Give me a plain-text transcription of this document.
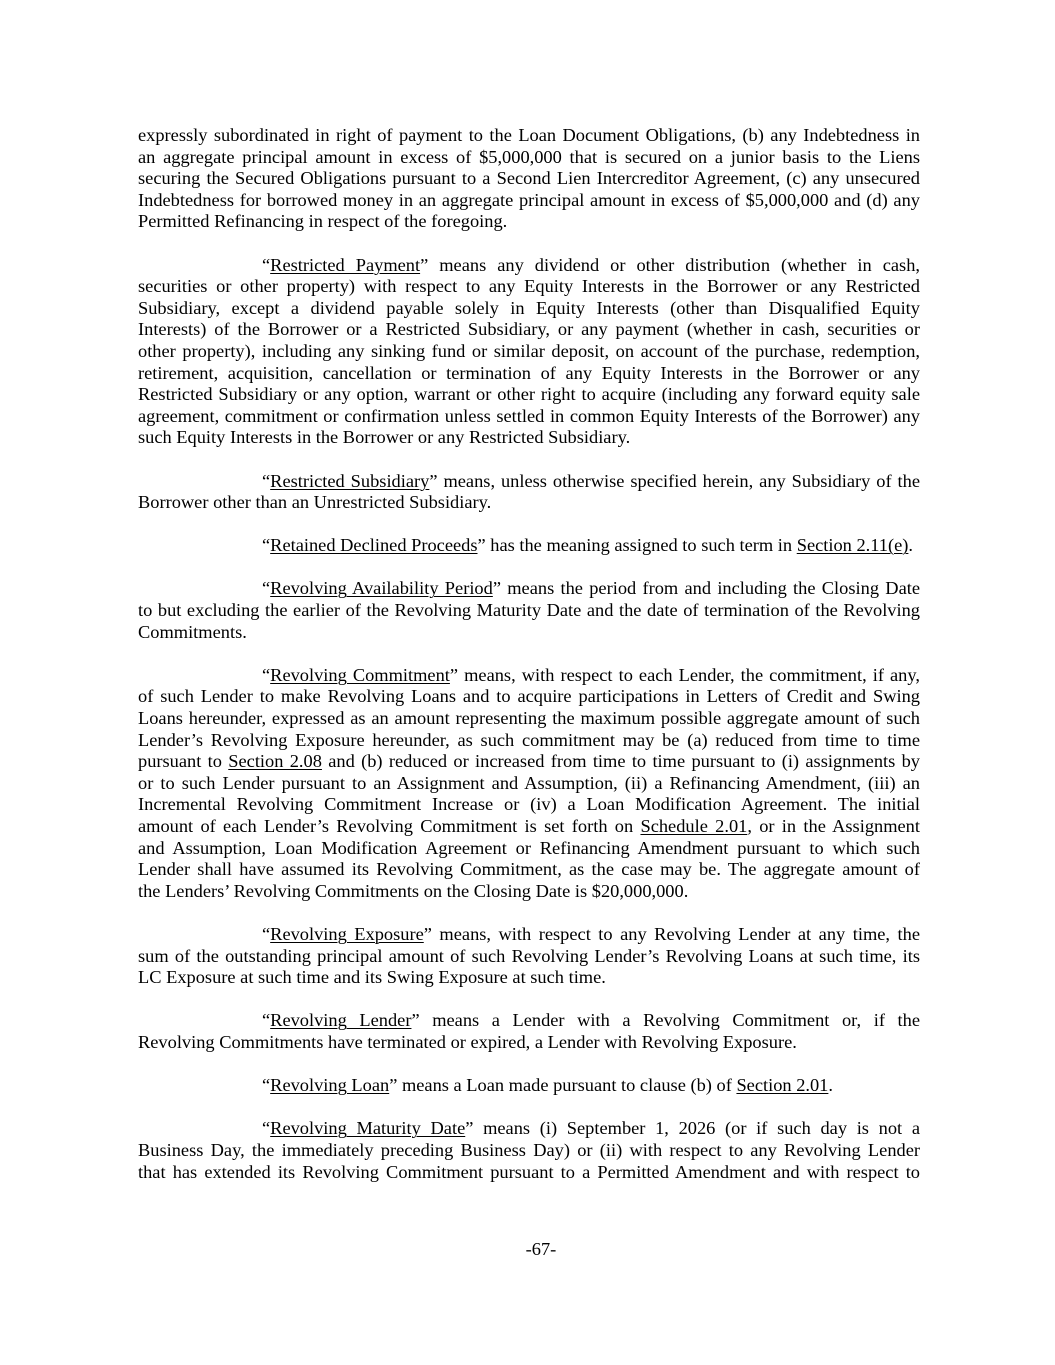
expressly subordinated in right of payment to the Loan Document Obligations, (b) any Indebtedness in
an aggregate principal amount in excess of $5,000,000 that is secured on a junior basis to the Liens
securing the Secured Obligations pursuant to a Second Lien Intercreditor Agreement, (c) any unsecured
Indebtedness for borrowed money in an aggregate principal amount in excess of $5,000,000 and (d) any
Permitted Refinancing in respect of the foregoing.
“Restricted Payment” means any dividend or other distribution (whether in cash,
securities or other property) with respect to any Equity Interests in the Borrower or any Restricted
Subsidiary, except a dividend payable solely in Equity Interests (other than Disqualified Equity
Interests) of the Borrower or a Restricted Subsidiary, or any payment (whether in cash, securities or
other property), including any sinking fund or similar deposit, on account of the purchase, redemption,
retirement, acquisition, cancellation or termination of any Equity Interests in the Borrower or any
Restricted Subsidiary or any option, warrant or other right to acquire (including any forward equity sale
agreement, commitment or confirmation unless settled in common Equity Interests of the Borrower) any
such Equity Interests in the Borrower or any Restricted Subsidiary.
“Restricted Subsidiary” means, unless otherwise specified herein, any Subsidiary of the
Borrower other than an Unrestricted Subsidiary.
“Retained Declined Proceeds” has the meaning assigned to such term in Section 2.11(e).
“Revolving Availability Period” means the period from and including the Closing Date
to but excluding the earlier of the Revolving Maturity Date and the date of termination of the Revolving
Commitments.
“Revolving Commitment” means, with respect to each Lender, the commitment, if any,
of such Lender to make Revolving Loans and to acquire participations in Letters of Credit and Swing
Loans hereunder, expressed as an amount representing the maximum possible aggregate amount of such
Lender’s Revolving Exposure hereunder, as such commitment may be (a) reduced from time to time
pursuant to Section 2.08 and (b) reduced or increased from time to time pursuant to (i) assignments by
or to such Lender pursuant to an Assignment and Assumption, (ii) a Refinancing Amendment, (iii) an
Incremental Revolving Commitment Increase or (iv) a Loan Modification Agreement. The initial
amount of each Lender’s Revolving Commitment is set forth on Schedule 2.01, or in the Assignment
and Assumption, Loan Modification Agreement or Refinancing Amendment pursuant to which such
Lender shall have assumed its Revolving Commitment, as the case may be. The aggregate amount of
the Lenders’ Revolving Commitments on the Closing Date is $20,000,000.
“Revolving Exposure” means, with respect to any Revolving Lender at any time, the
sum of the outstanding principal amount of such Revolving Lender’s Revolving Loans at such time, its
LC Exposure at such time and its Swing Exposure at such time.
“Revolving Lender” means a Lender with a Revolving Commitment or, if the
Revolving Commitments have terminated or expired, a Lender with Revolving Exposure.
“Revolving Loan” means a Loan made pursuant to clause (b) of Section 2.01.
“Revolving Maturity Date” means (i) September 1, 2026 (or if such day is not a
Business Day, the immediately preceding Business Day) or (ii) with respect to any Revolving Lender
that has extended its Revolving Commitment pursuant to a Permitted Amendment and with respect to
-67-
